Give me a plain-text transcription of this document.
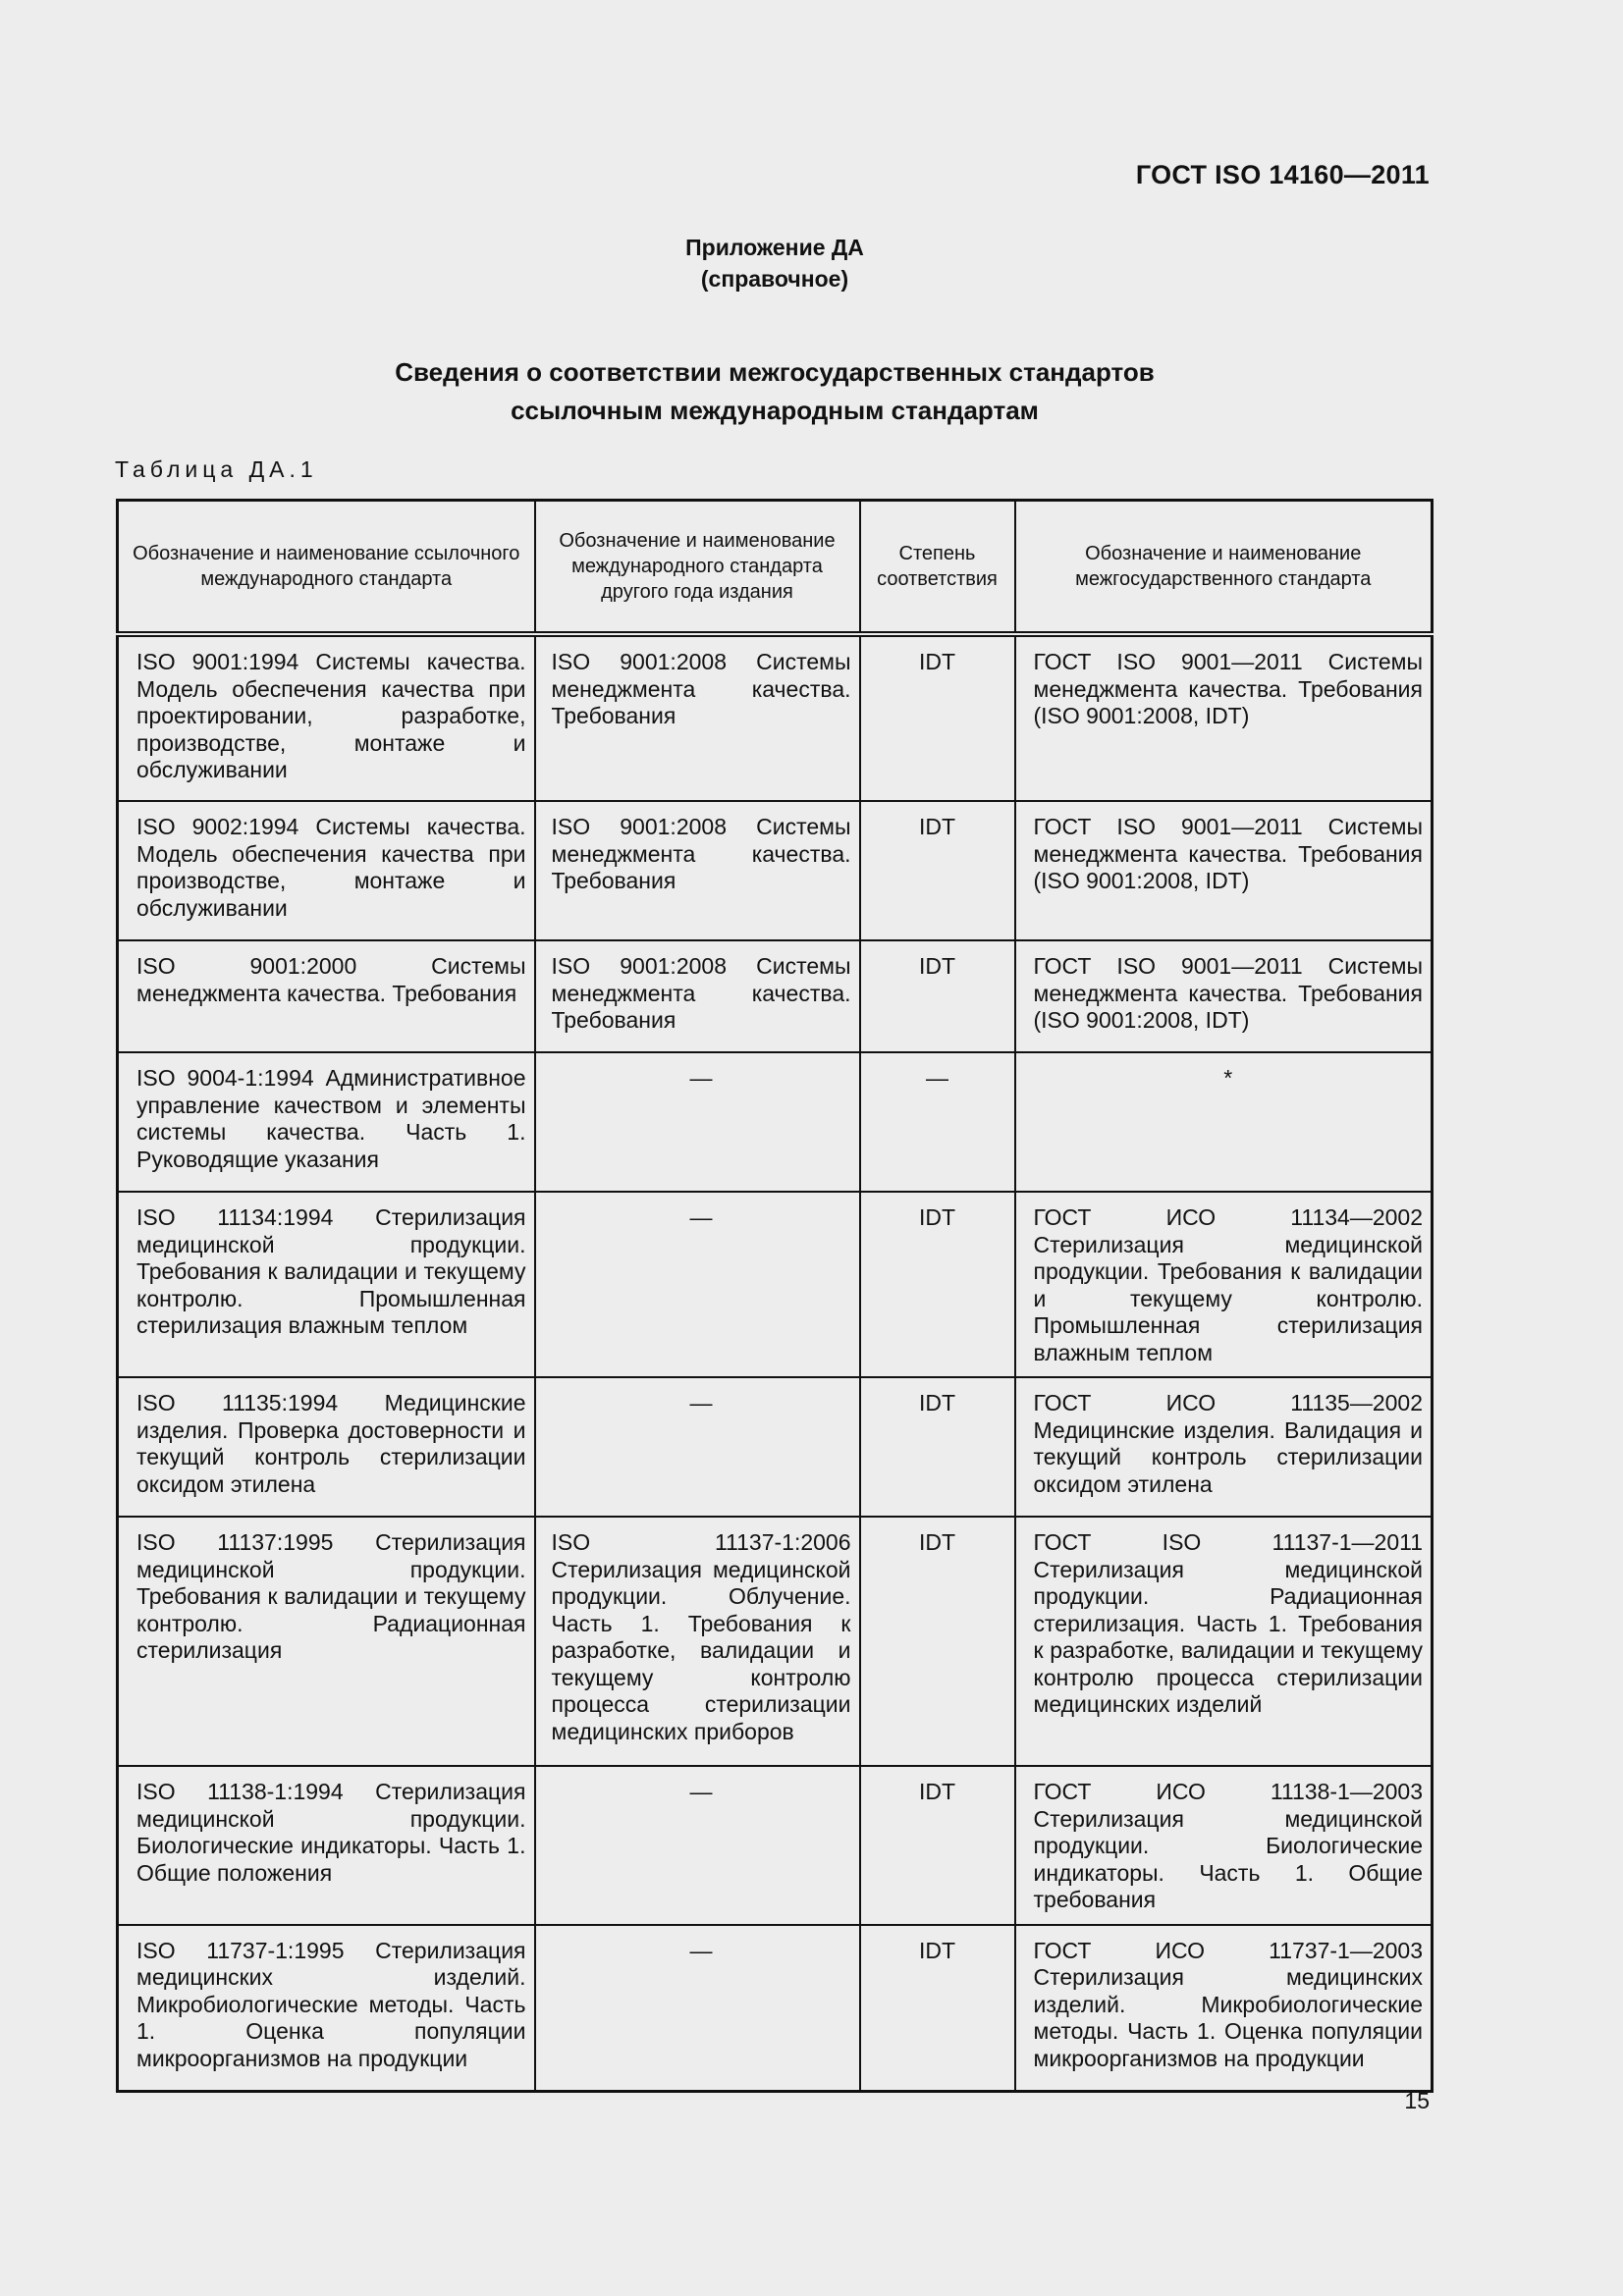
ГОСТ ISO 14160—2011
Приложение ДА
(справочное)
Сведения о соответствии межгосударственных стандартов
ссылочным международным стандартам
Таблица ДА.1
Обозначение и наименование ссылочного международного стандарта	Обозначение и наименование международного стандарта другого года издания	Степень соответствия	Обозначение и наименование межгосударственного стандарта
ISO 9001:1994 Системы качества. Модель обеспечения качества при проектировании, разработке, производстве, монтаже и обслуживании	ISO 9001:2008 Системы менеджмента качества. Требования	IDT	ГОСТ ISO 9001—2011 Системы менеджмента качества. Требования (ISO 9001:2008, IDT)
ISO 9002:1994 Системы качества. Модель обеспечения качества при производстве, монтаже и обслуживании	ISO 9001:2008 Системы менеджмента качества. Требования	IDT	ГОСТ ISO 9001—2011 Системы менеджмента качества. Требования (ISO 9001:2008, IDT)
ISO 9001:2000 Системы менеджмента качества. Требования	ISO 9001:2008 Системы менеджмента качества. Требования	IDT	ГОСТ ISO 9001—2011 Системы менеджмента качества. Требования (ISO 9001:2008, IDT)
ISO 9004-1:1994 Административное управление качеством и элементы системы качества. Часть 1. Руководящие указания	—	—	*
ISO 11134:1994 Стерилизация медицинской продукции. Требования к валидации и текущему контролю. Промышленная стерилизация влажным теплом	—	IDT	ГОСТ ИСО 11134—2002 Стерилизация медицинской продукции. Требования к валидации и текущему контролю. Промышленная стерилизация влажным теплом
ISO 11135:1994 Медицинские изделия. Проверка достоверности и текущий контроль стерилизации оксидом этилена	—	IDT	ГОСТ ИСО 11135—2002 Медицинские изделия. Валидация и текущий контроль стерилизации оксидом этилена
ISO 11137:1995 Стерилизация медицинской продукции. Требования к валидации и текущему контролю. Радиационная стерилизация	ISO 11137-1:2006 Стерилизация медицинской продукции. Облучение. Часть 1. Требования к разработке, валидации и текущему контролю процесса стерилизации медицинских приборов	IDT	ГОСТ ISO 11137-1—2011 Стерилизация медицинской продукции. Радиационная стерилизация. Часть 1. Требования к разработке, валидации и текущему контролю процесса стерилизации медицинских изделий
ISO 11138-1:1994 Стерилизация медицинской продукции. Биологические индикаторы. Часть 1. Общие положения	—	IDT	ГОСТ ИСО 11138-1—2003 Стерилизация медицинской продукции. Биологические индикаторы. Часть 1. Общие требования
ISO 11737-1:1995 Стерилизация медицинских изделий. Микробиологические методы. Часть 1. Оценка популяции микроорганизмов на продукции	—	IDT	ГОСТ ИСО 11737-1—2003 Стерилизация медицинских изделий. Микробиологические методы. Часть 1. Оценка популяции микроорганизмов на продукции
15
